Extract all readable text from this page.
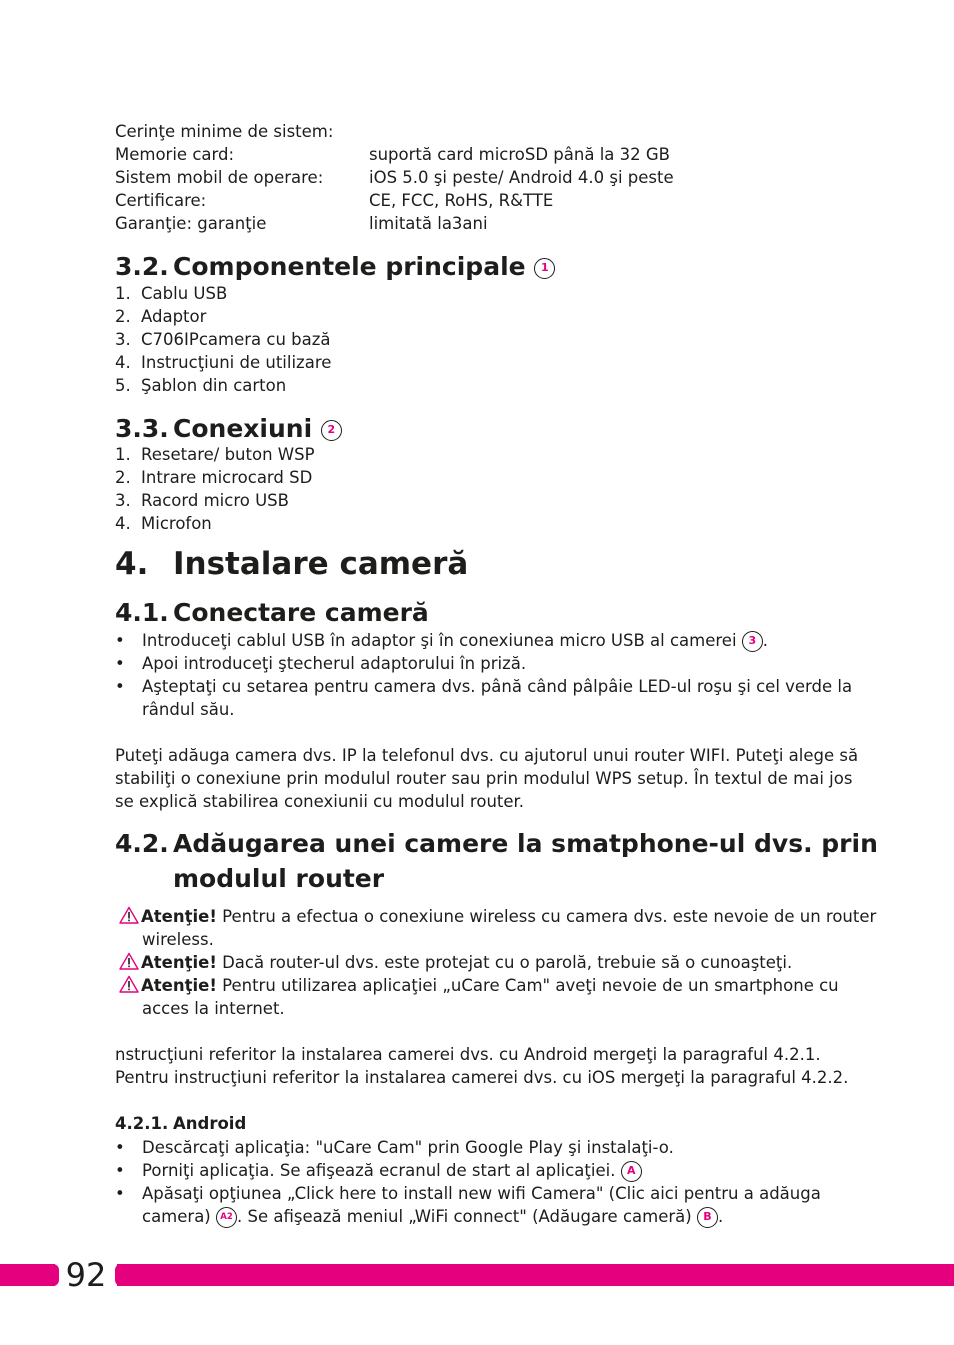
Cerinţe minime de sistem:
Memorie card:	suportă card microSD până la 32 GB
Sistem mobil de operare:	iOS 5.0 şi peste/ Android 4.0 şi peste
Certificare:	CE, FCC, RoHS, R&TTE
Garanţie: garanţie	limitată la3ani
3.2. Componentele principale 1
1. Cablu USB
2. Adaptor
3. C706IPcamera cu bază
4. Instrucţiuni de utilizare
5. Şablon din carton
3.3. Conexiuni 2
1. Resetare/ buton WSP
2. Intrare microcard SD
3. Racord micro USB
4. Microfon
4. Instalare cameră
4.1. Conectare cameră
• Introduceţi cablul USB în adaptor şi în conexiunea micro USB al camerei 3 .
• Apoi introduceţi ştecherul adaptorului în priză.
• Aşteptaţi cu setarea pentru camera dvs. până când pâlpâie LED-ul roşu şi cel verde la
rândul său.
Puteţi adăuga camera dvs. IP la telefonul dvs. cu ajutorul unui router WIFI. Puteţi alege să
stabiliţi o conexiune prin modulul router sau prin modulul WPS setup. În textul de mai jos
se explică stabilirea conexiunii cu modulul router.
4.2. Adăugarea unei camere la smatphone-ul dvs. prin
modulul router
Atenţie! Pentru a efectua o conexiune wireless cu camera dvs. este nevoie de un router
wireless.
Atenţie! Dacă router-ul dvs. este protejat cu o parolă, trebuie să o cunoaşteţi.
Atenţie! Pentru utilizarea aplicaţiei „uCare Cam" aveţi nevoie de un smartphone cu
acces la internet.
nstrucţiuni referitor la instalarea camerei dvs. cu Android mergeţi la paragraful 4.2.1.
Pentru instrucţiuni referitor la instalarea camerei dvs. cu iOS mergeţi la paragraful 4.2.2.
4.2.1. Android
• Descărcaţi aplicaţia: "uCare Cam" prin Google Play şi instalaţi-o.
• Porniţi aplicaţia. Se afişează ecranul de start al aplicaţiei. A
• Apăsaţi opţiunea „Click here to install new wifi Camera" (Clic aici pentru a adăuga
camera) A2 . Se afişează meniul „WiFi connect" (Adăugare cameră) B .
92
